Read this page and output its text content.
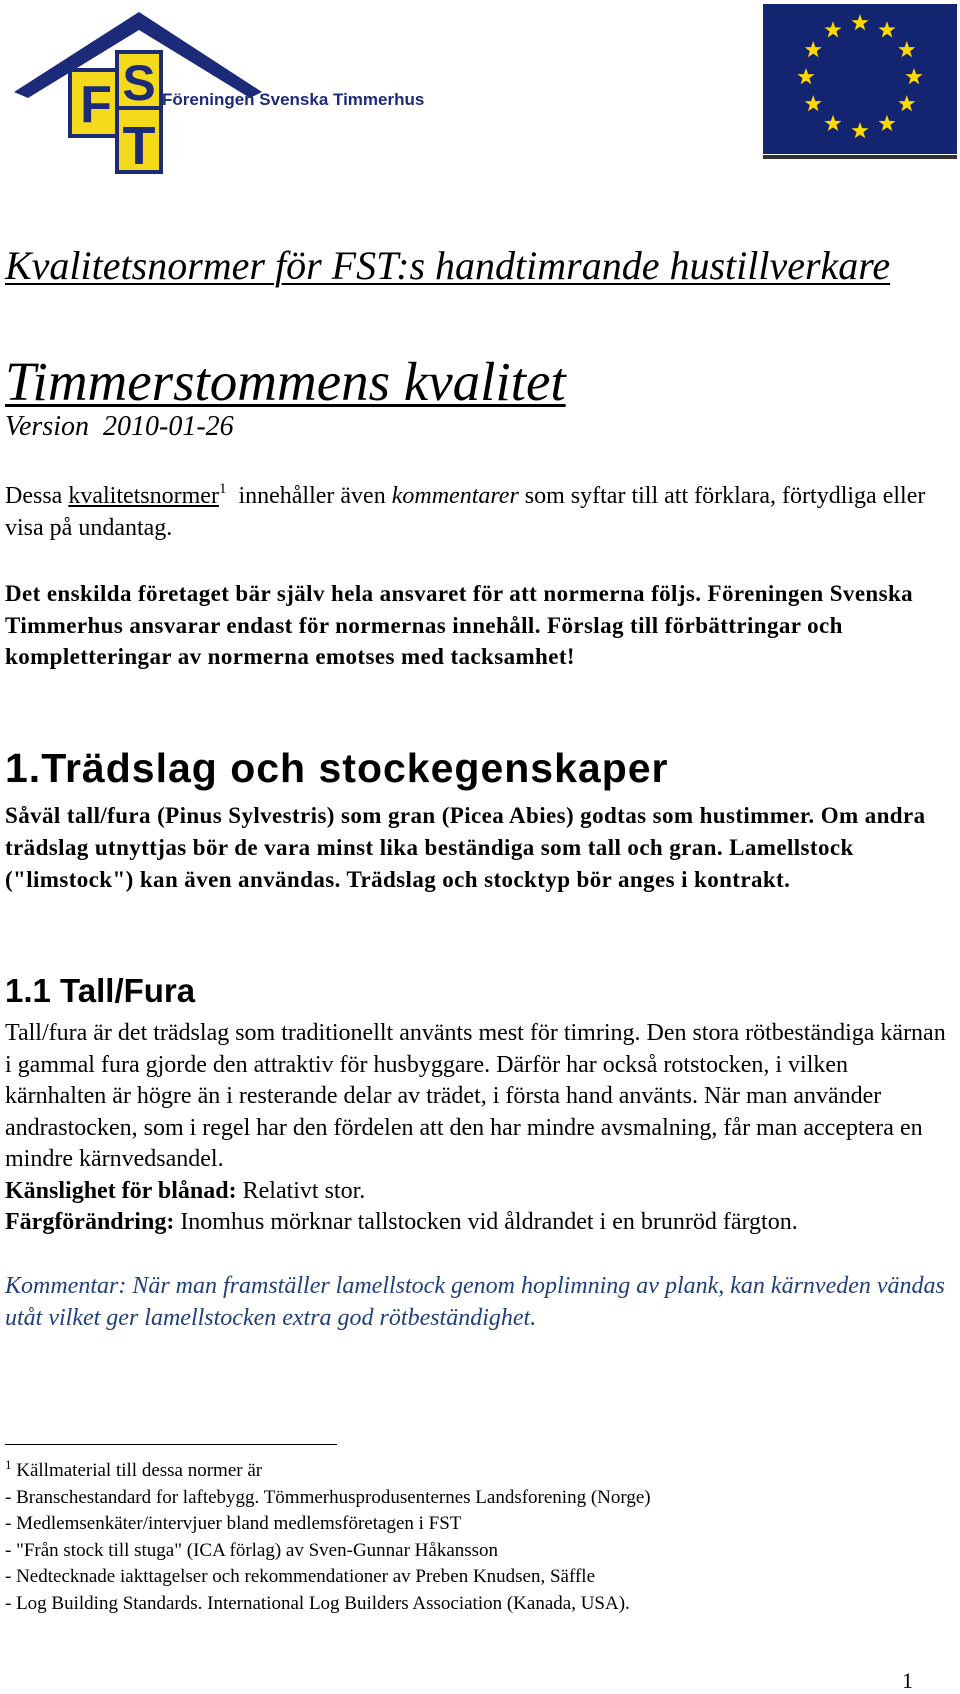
F S
T
Föreningen Svenska Timmerhus
Kvalitetsnormer för FST:s handtimrande hustillverkare
Timmerstommens kvalitet
Version  2010-01-26
Dessa kvalitetsnormer$^1$  innehåller även kommentarer som syftar till att förklara, förtydliga eller visa på undantag.
Det enskilda företaget bär själv hela ansvaret för att normerna följs. Föreningen Svenska Timmerhus ansvarar endast för normernas innehåll. Förslag till förbättringar och kompletteringar av normerna emotses med tacksamhet!
1.Trädslag och stockegenskaper
Såväl tall/fura (Pinus Sylvestris) som gran (Picea Abies) godtas som hustimmer. Om andra trädslag utnyttjas bör de vara minst lika beständiga som tall och gran. Lamellstock ("limstock") kan även användas. Trädslag och stocktyp bör anges i kontrakt.
1.1 Tall/Fura
Tall/fura är det trädslag som traditionellt använts mest för timring. Den stora rötbeständiga kärnan i gammal fura gjorde den attraktiv för husbyggare. Därför har också rotstocken, i vilken kärnhalten är högre än i resterande delar av trädet, i första hand använts. När man använder andrastocken, som i regel har den fördelen att den har mindre avsmalning, får man acceptera en mindre kärnvedsandel.
Känslighet för blånad: Relativt stor.
Färgförändring: Inomhus mörknar tallstocken vid åldrandet i en brunröd färgton.
Kommentar: När man framställer lamellstock genom hoplimning av plank, kan kärnveden vändas utåt vilket ger lamellstocken extra god rötbeständighet.
$^1$ Källmaterial till dessa normer är
- Branschestandard for laftebygg. Tömmerhusprodusenternes Landsforening (Norge)
- Medlemsenkäter/intervjuer bland medlemsföretagen i FST
- "Från stock till stuga" (ICA förlag) av Sven-Gunnar Håkansson
- Nedtecknade iakttagelser och rekommendationer av Preben Knudsen, Säffle
- Log Building Standards. International Log Builders Association (Kanada, USA).
1
